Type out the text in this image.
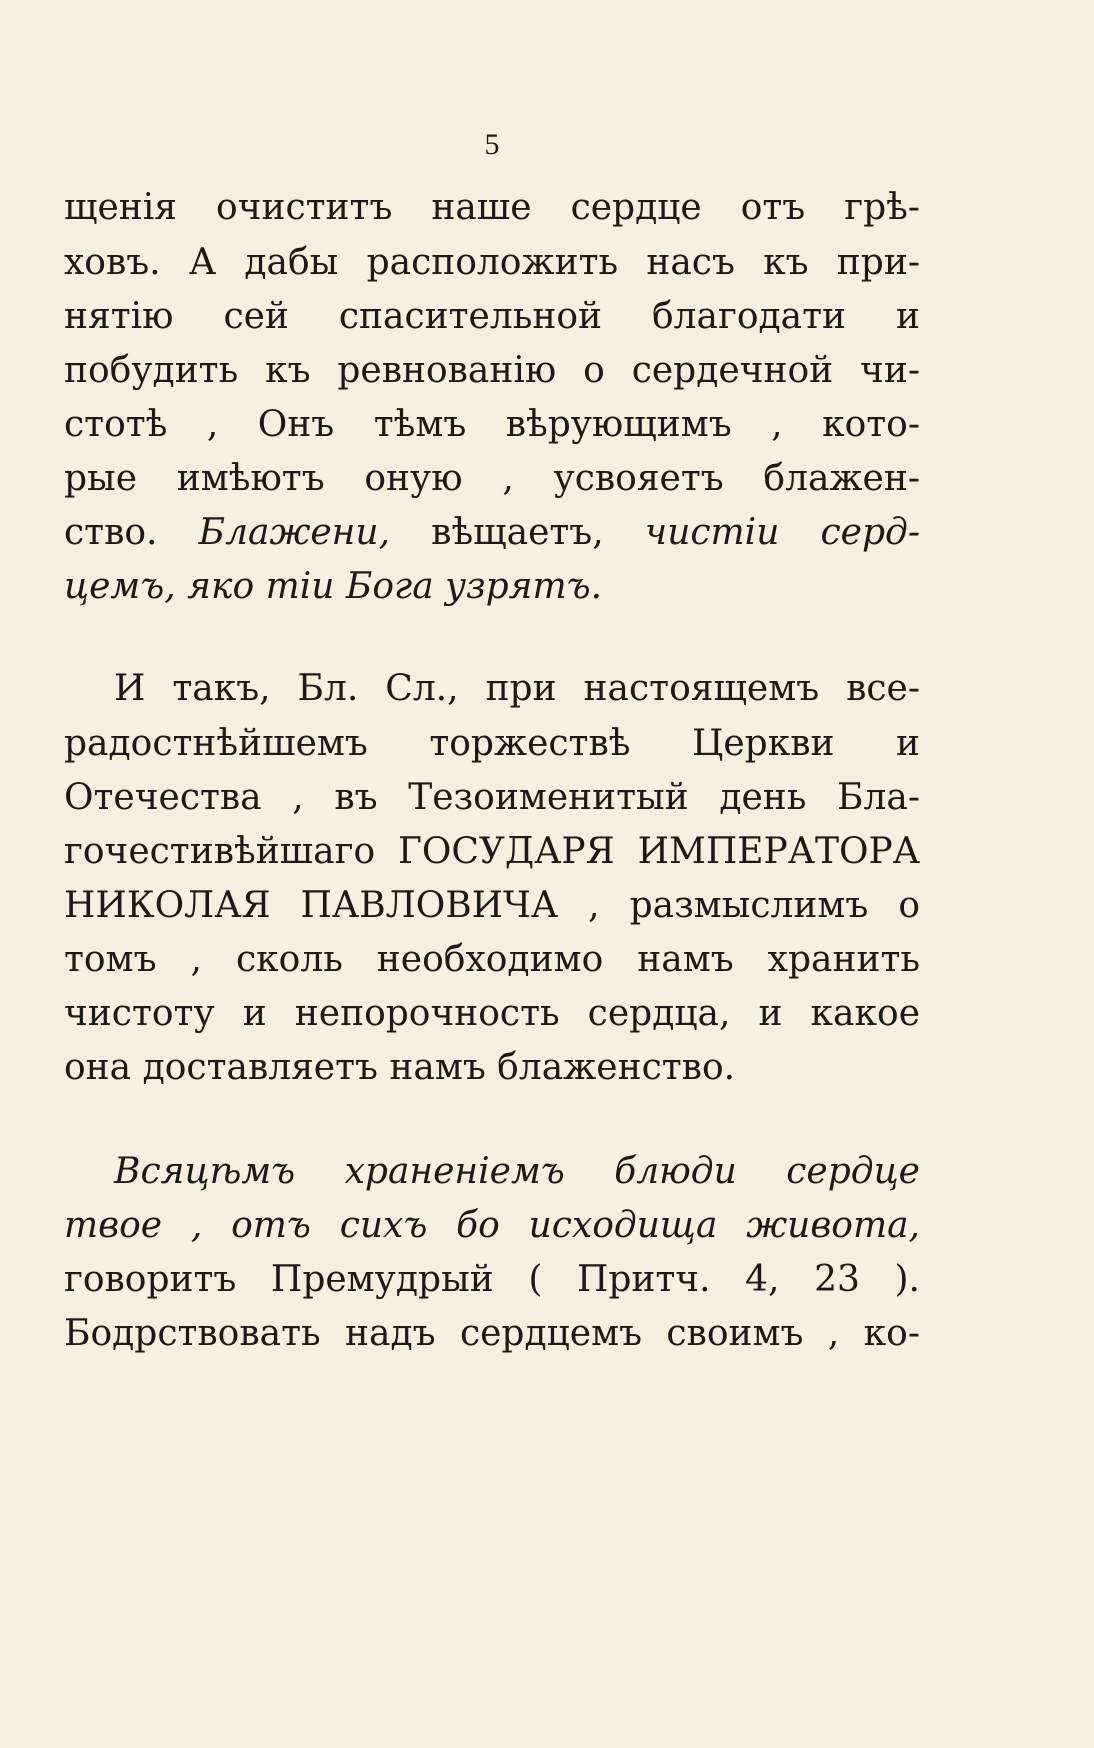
5
щенія очиститъ наше сердце отъ грѣ-
ховъ. А дабы расположить насъ къ при-
нятію сей спасительной благодати и
побудить къ ревнованію о сердечной чи-
стотѣ , Онъ тѣмъ вѣрующимъ , кото-
рые имѣютъ оную , усвояетъ блажен-
ство. Блажени, вѣщаетъ, чистіи серд-
цемъ, яко тіи Бога узрятъ.
И такъ, Бл. Сл., при настоящемъ все-
радостнѣйшемъ торжествѣ Церкви и
Отечества , въ Тезоименитый день Бла-
гочестивѣйшаго ГОСУДАРЯ ИМПЕРАТОРА
НИКОЛАЯ ПАВЛОВИЧА , размыслимъ о
томъ , сколь необходимо намъ хранить
чистоту и непорочность сердца, и какое
она доставляетъ намъ блаженство.
Всяцѣмъ храненіемъ блюди сердце
твое , отъ сихъ бо исходища живота,
говоритъ Премудрый ( Притч. 4, 23 ).
Бодрствовать надъ сердцемъ своимъ , ко-
